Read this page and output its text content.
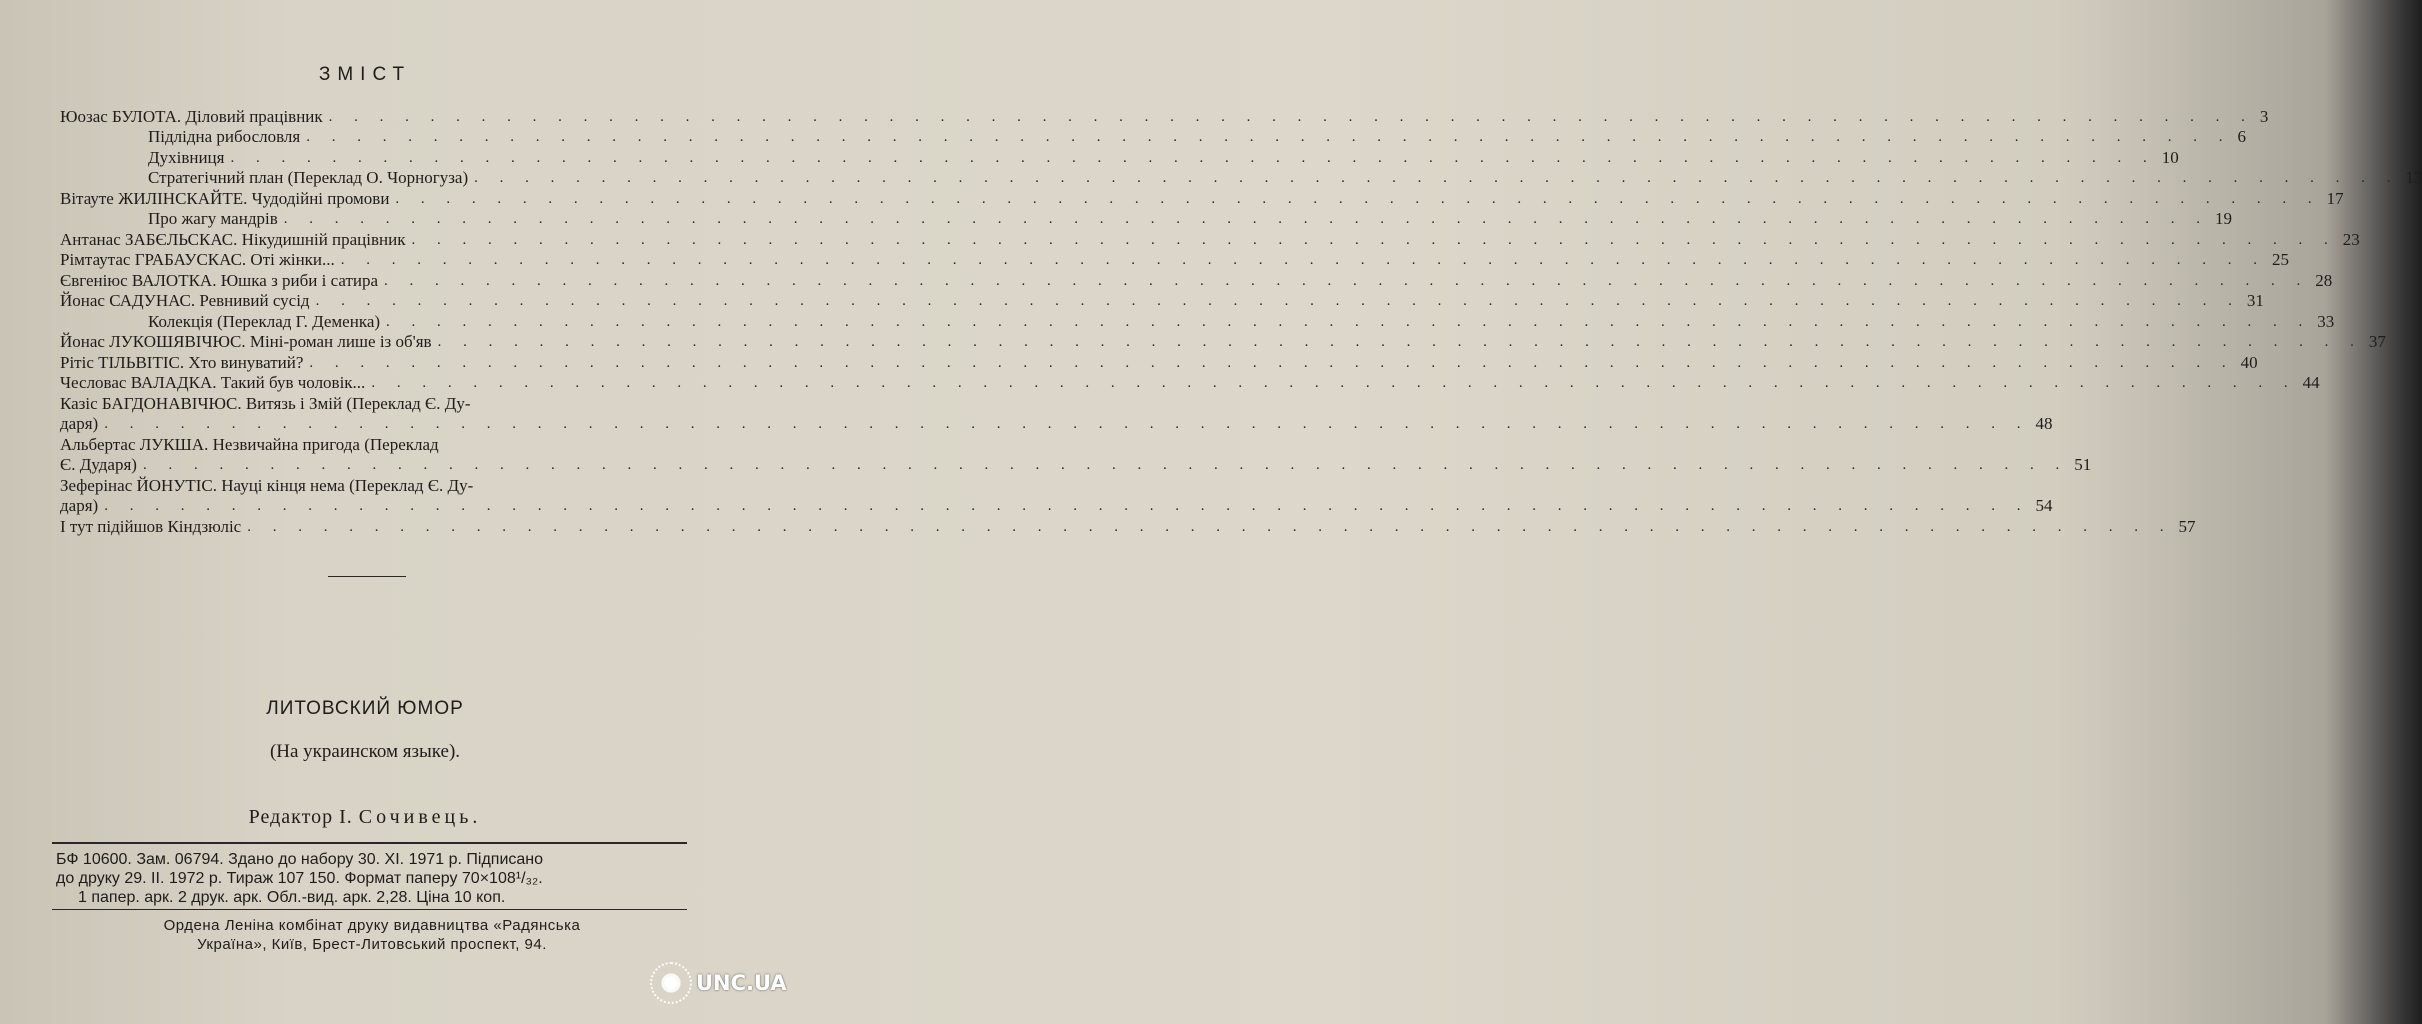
ЗМІСТ
Юозас БУЛОТА. Діловий працівник . . .	3
Підлідна рибословля . . .	6
Духівниця . . .	10
Стратегічний план (Переклад О. Чорногуза) . . .	13
Вітауте ЖИЛІНСКАЙТЕ. Чудодійні промови . . .	17
Про жагу мандрів . . .	19
Антанас ЗАБЄЛЬСКАС. Нікудишній працівник . . .	23
Рімтаутас ГРАБАУСКАС. Оті жінки... . . .	25
Євгеніюс ВАЛОТКА. Юшка з риби і сатира . . .	28
Йонас САДУНАС. Ревнивий сусід . . .	31
Колекція (Переклад Г. Деменка) . . .	33
Йонас ЛУКОШЯВІЧЮС. Міні-роман лише із об'яв . . .	37
Рітіс ТІЛЬВІТІС. Хто винуватий? . . .	40
Чесловас ВАЛАДКА. Такий був чоловік... . . .	44
Казіс БАГДОНАВІЧЮС. Витязь і Змій (Переклад Є. Ду-
даря) . . .	48
Альбертас ЛУКША. Незвичайна пригода (Переклад
Є. Дударя) . . .	51
Зеферінас ЙОНУТІС. Науці кінця нема (Переклад Є. Ду-
даря) . . .	54
І тут підійшов Кіндзюліс . . .	57
ЛИТОВСКИЙ ЮМОР
(На украинском языке).
Редактор І. Сочивець.
БФ 10600. Зам. 06794. Здано до набору 30. XI. 1971 р. Підписано
до друку 29. II. 1972 р. Тираж 107 150. Формат паперу 70×108¹/₃₂.
1 папер. арк. 2 друк. арк. Обл.-вид. арк. 2,28. Ціна 10 коп.
Ордена Леніна комбінат друку видавництва «Радянська
Україна», Київ, Брест-Литовський проспект, 94.
UNC.UA
